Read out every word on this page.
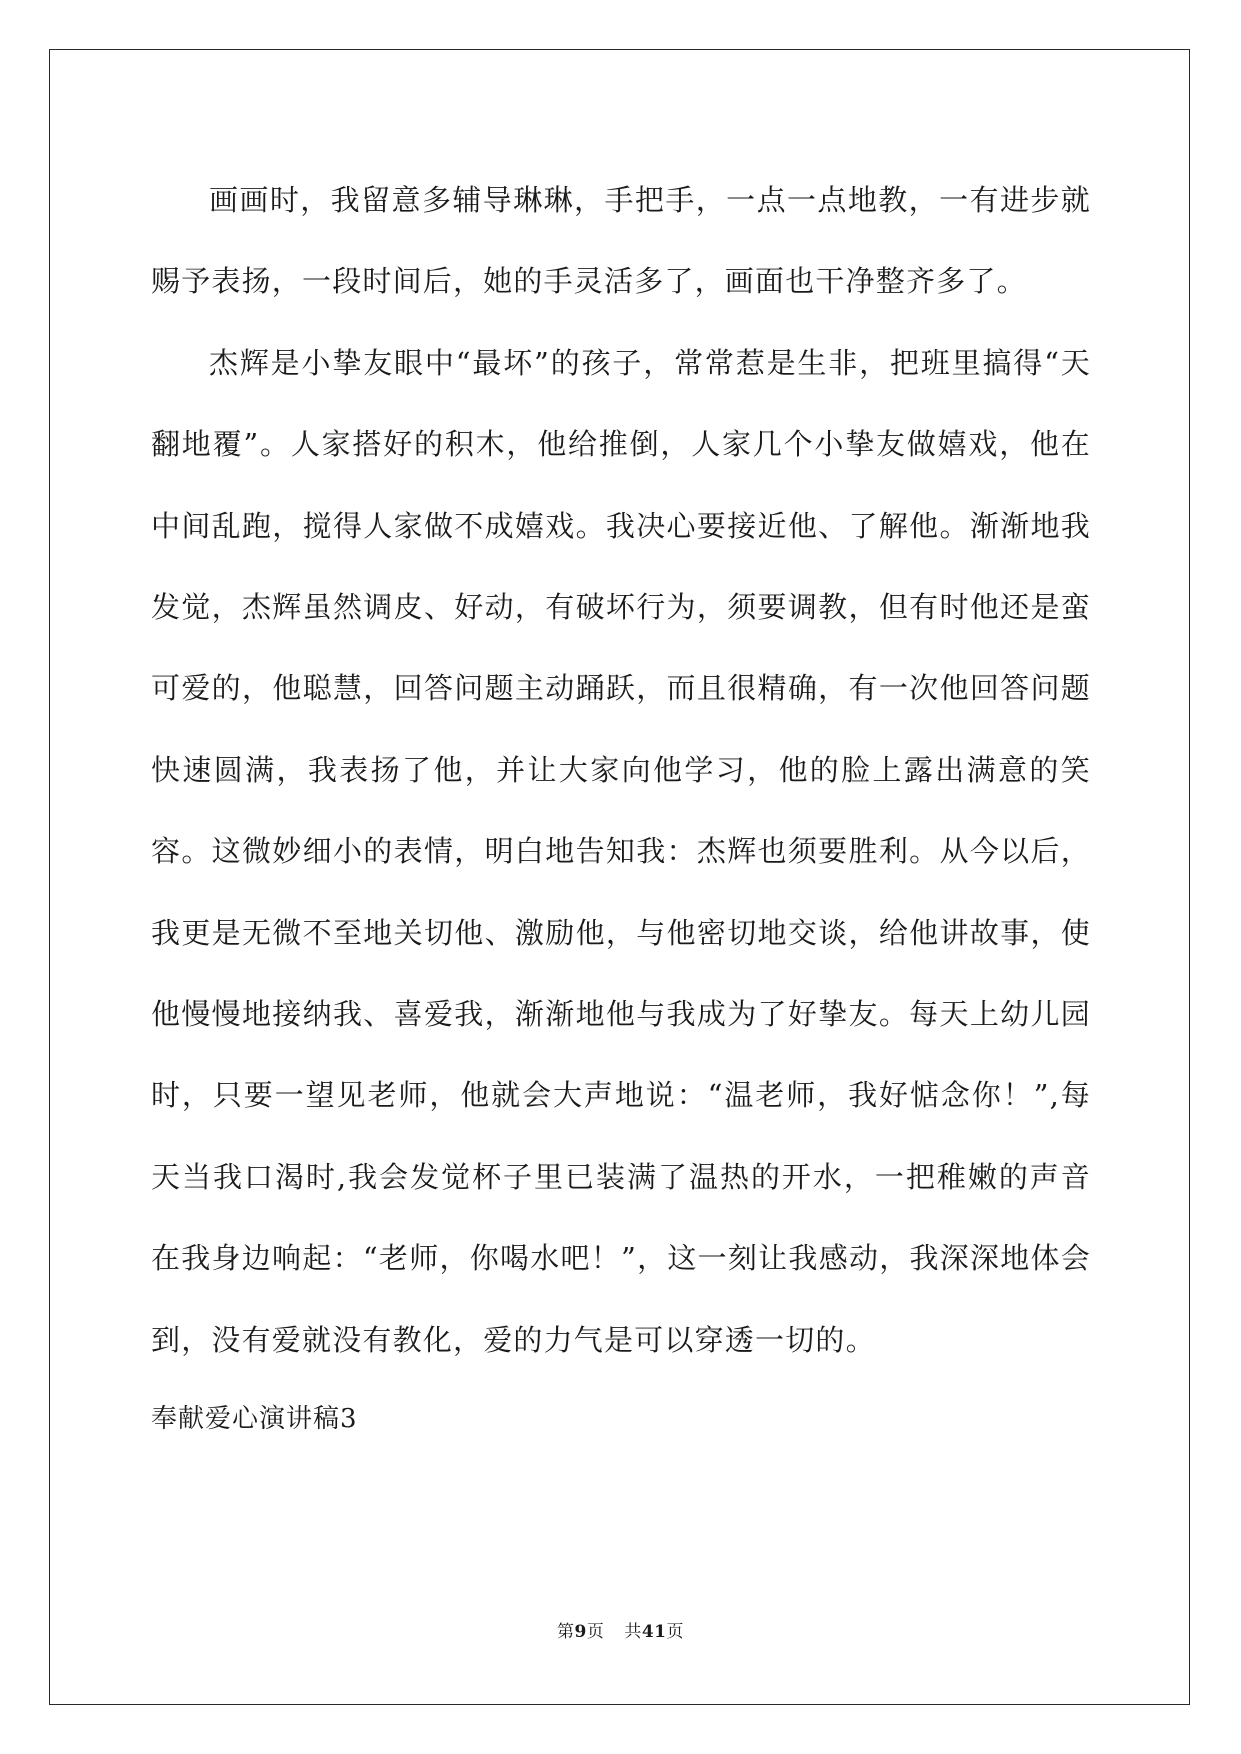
画画时，我留意多辅导琳琳，手把手，一点一点地教，一有进步就赐予表扬，一段时间后，她的手灵活多了，画面也干净整齐多了。

杰辉是小挚友眼中“最坏”的孩子，常常惹是生非，把班里搞得“天翻地覆”。人家搭好的积木，他给推倒，人家几个小挚友做嬉戏，他在中间乱跑，搅得人家做不成嬉戏。我决心要接近他、了解他。渐渐地我发觉，杰辉虽然调皮、好动，有破坏行为，须要调教，但有时他还是蛮可爱的，他聪慧，回答问题主动踊跃，而且很精确，有一次他回答问题快速圆满，我表扬了他，并让大家向他学习，他的脸上露出满意的笑容。这微妙细小的表情，明白地告知我：杰辉也须要胜利。从今以后，我更是无微不至地关切他、激励他，与他密切地交谈，给他讲故事，使他慢慢地接纳我、喜爱我，渐渐地他与我成为了好挚友。每天上幼儿园时，只要一望见老师，他就会大声地说：“温老师，我好惦念你！”,每天当我口渴时,我会发觉杯子里已装满了温热的开水，一把稚嫩的声音在我身边响起：“老师，你喝水吧！”，这一刻让我感动，我深深地体会到，没有爱就没有教化，爱的力气是可以穿透一切的。

奉献爱心演讲稿3
第9页 共41页
